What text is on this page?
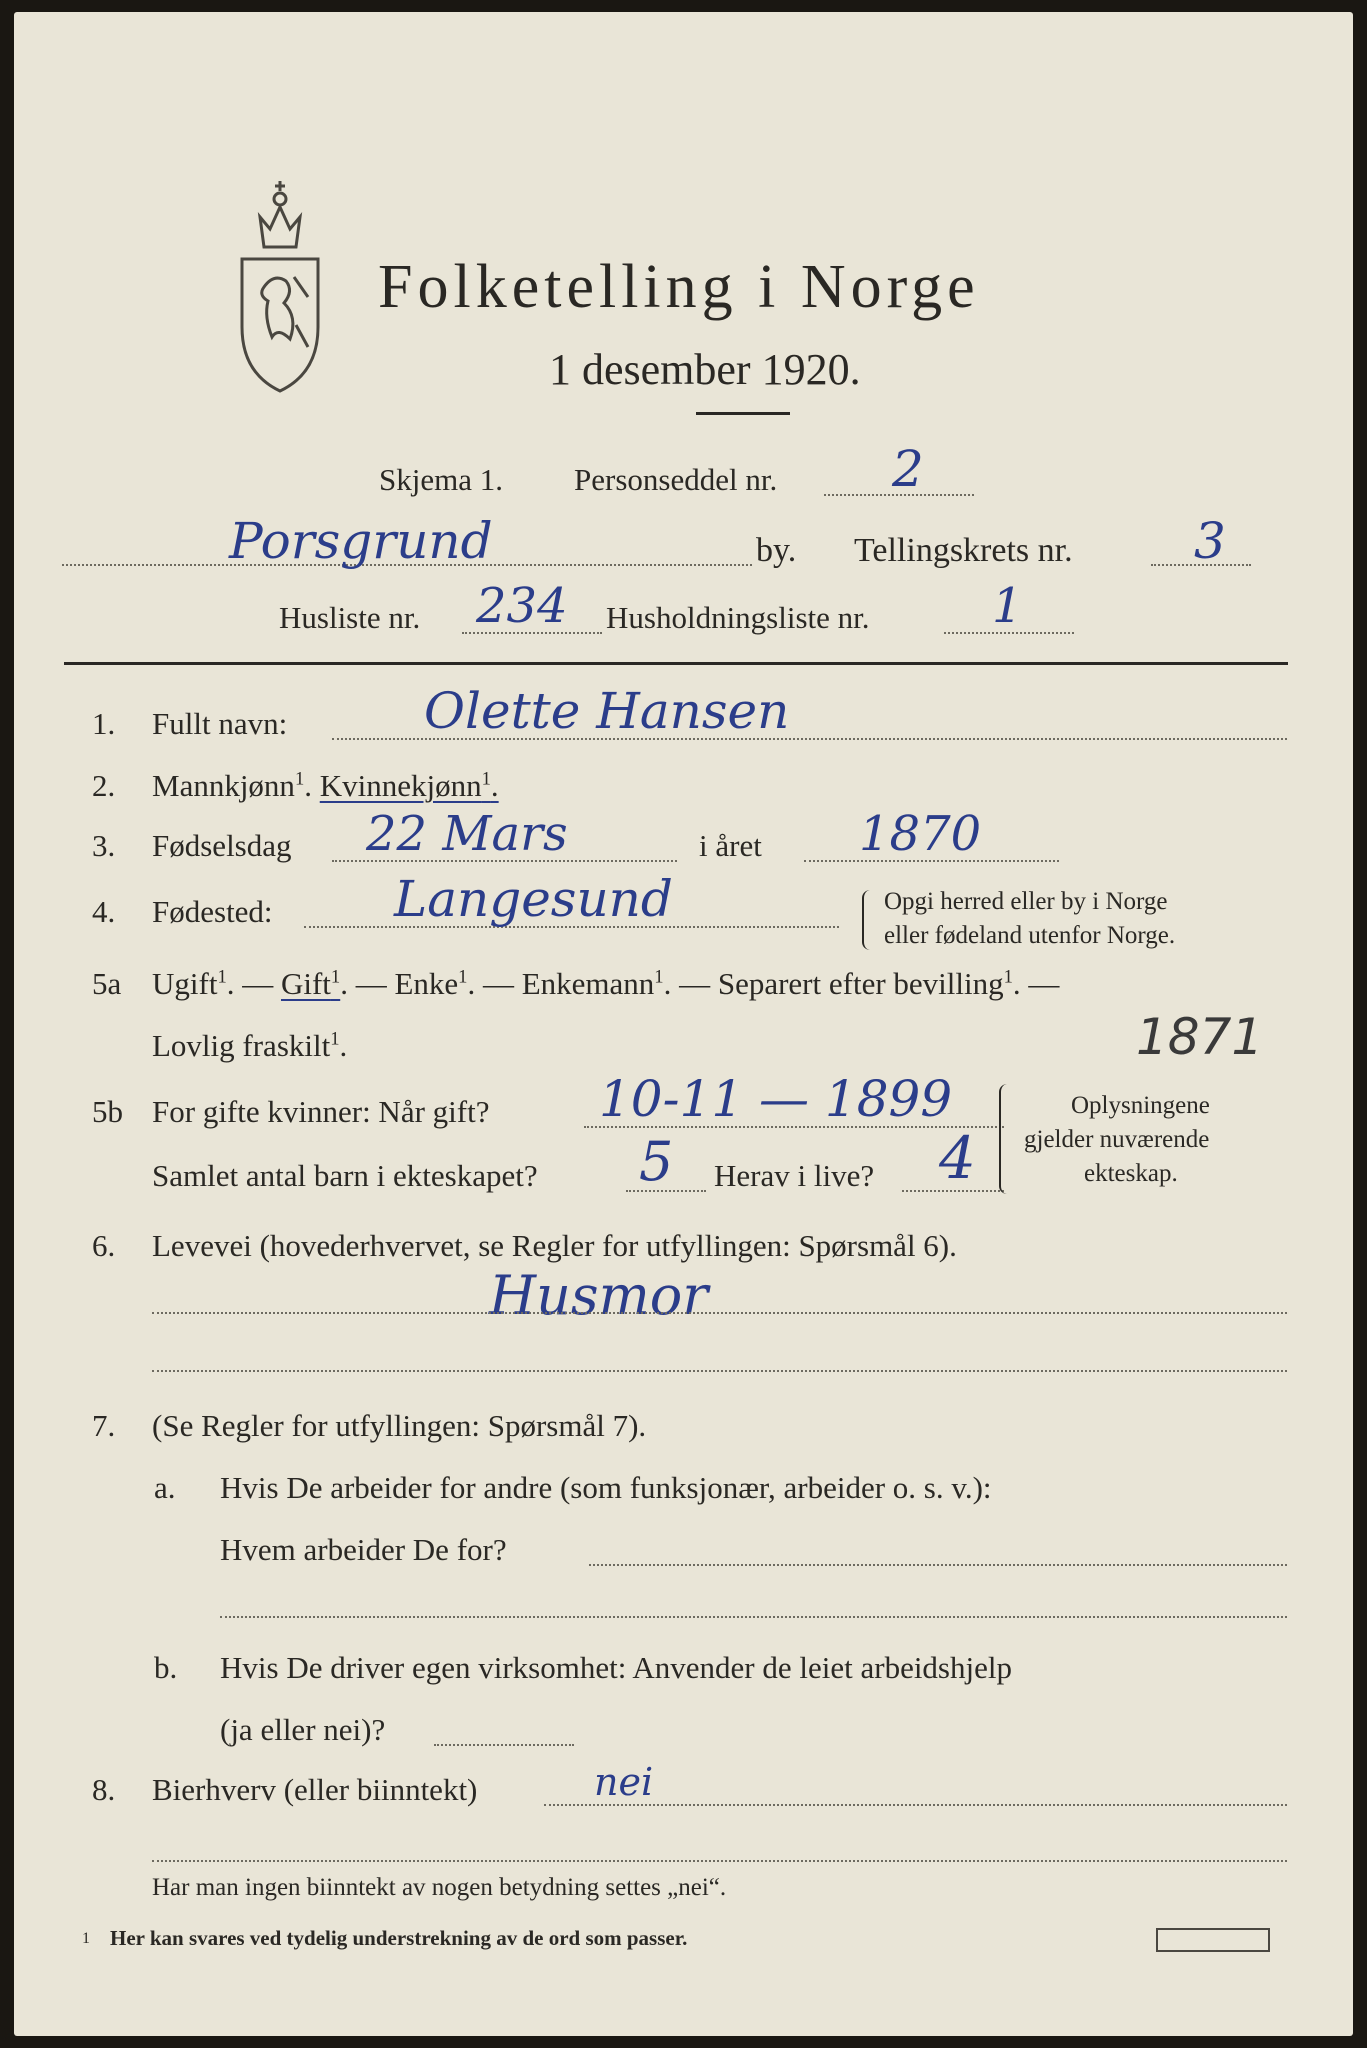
Folketelling i Norge
1 desember 1920.
Skjema 1. Personseddel nr. 2
Porsgrund	by. Tellingskrets nr. 3
Husliste nr. 234 Husholdningsliste nr.	1
1. Fullt navn:	Olette Hansen
2. Mannkjønn$^1$. Kvinnekjønn$^1$.
3. Fødselsdag 22 Mars	i året 1870
4. Fødested: Langesund	Opgi herred eller by i Norge
eller fødeland utenfor Norge.
5a Ugift$^1$. — Gift$^1$. — Enke$^1$. — Enkemann$^1$. — Separert efter bevilling$^1$. —
Lovlig fraskilt$^1$.	1871
5b For gifte kvinner: Når gift? 10-11 — 1899
Samlet antal barn i ekteskapet? 5 Herav i live? 4
Oplysningene
gjelder nuværende
ekteskap.
6. Levevei (hovederhvervet, se Regler for utfyllingen: Spørsmål 6).
Husmor
7. (Se Regler for utfyllingen: Spørsmål 7).
a. Hvis De arbeider for andre (som funksjonær, arbeider o. s. v.):
Hvem arbeider De for?
b. Hvis De driver egen virksomhet: Anvender de leiet arbeidshjelp
(ja eller nei)?
8. Bierhverv (eller biinntekt)	nei
Har man ingen biinntekt av nogen betydning settes „nei“.
1 Her kan svares ved tydelig understrekning av de ord som passer.
